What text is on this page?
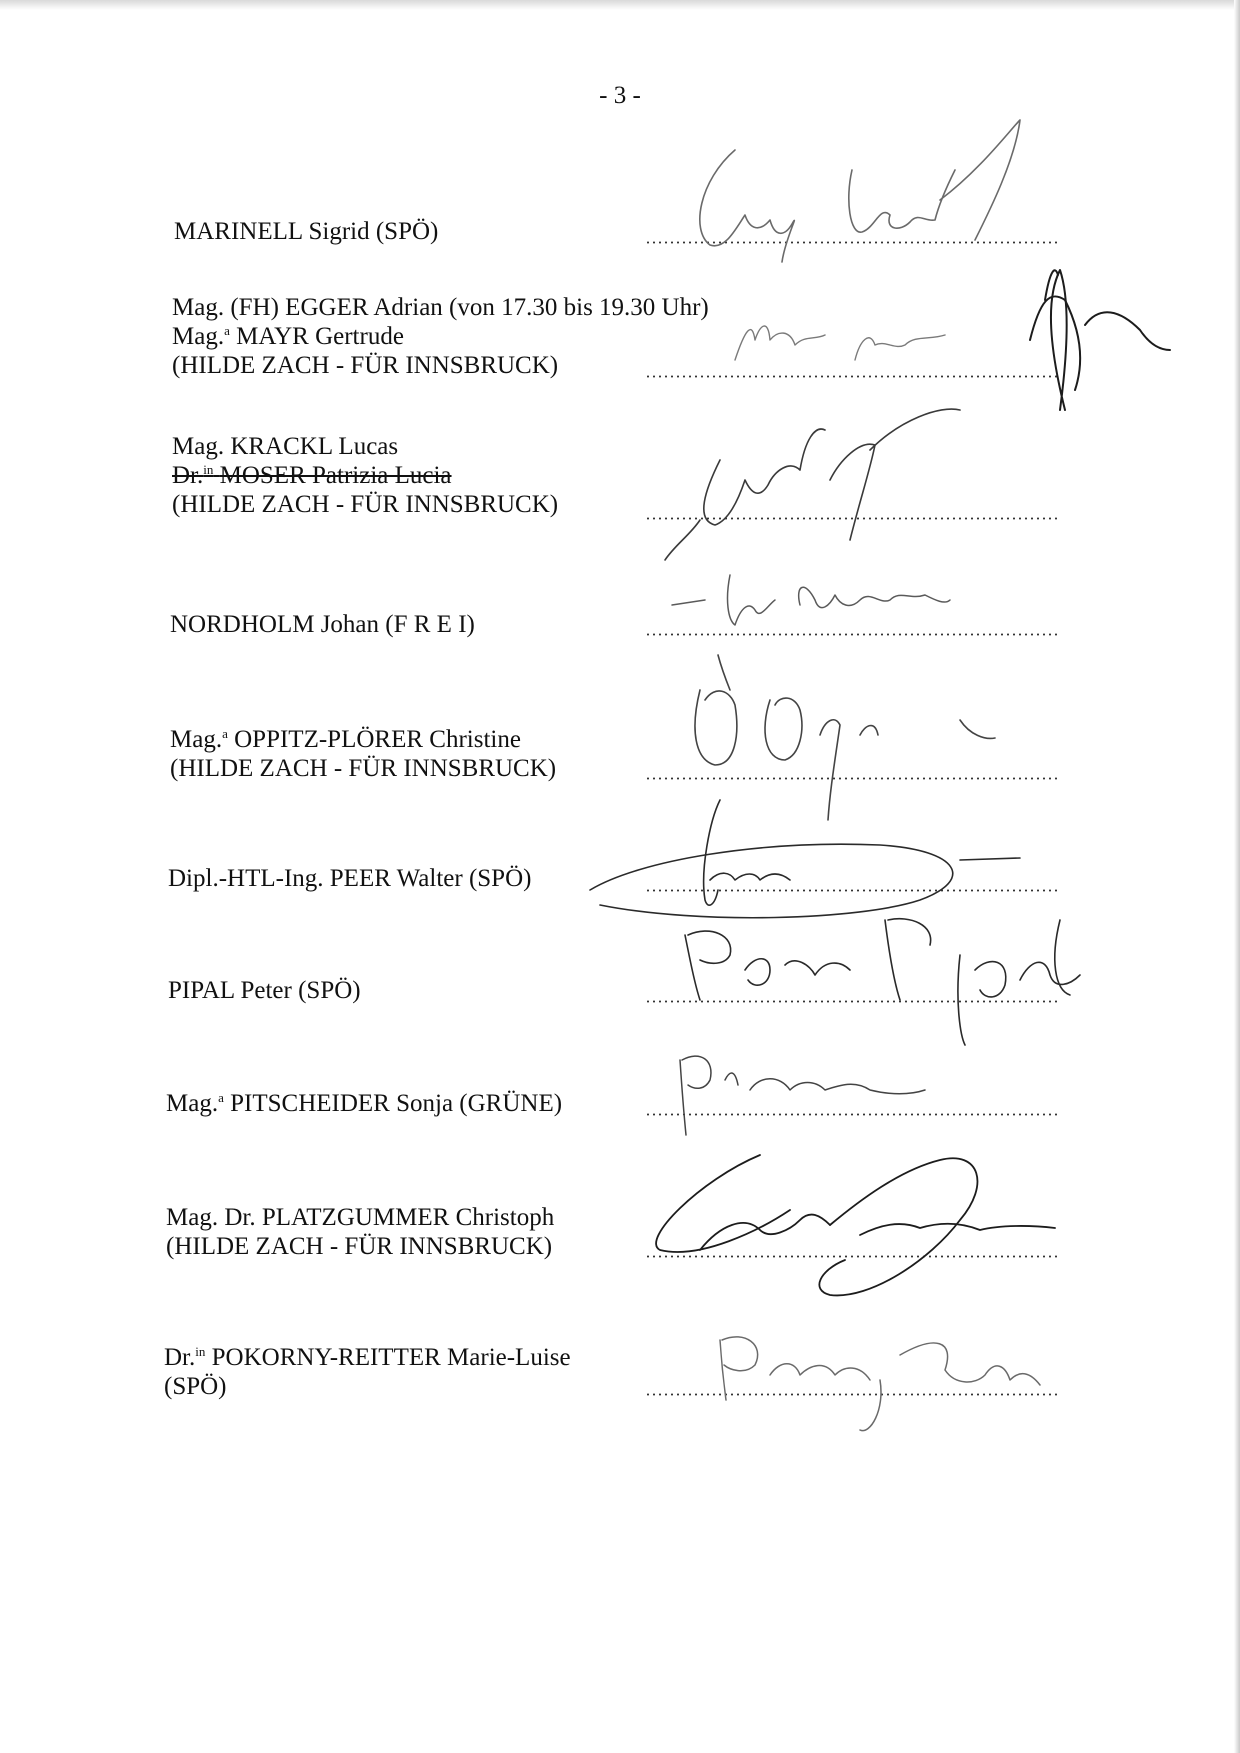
- 3 -
MARINELL Sigrid (SPÖ)
Mag. (FH) EGGER Adrian (von 17.30 bis 19.30 Uhr)
Mag.$^a$ MAYR Gertrude
(HILDE ZACH - FÜR INNSBRUCK)
Mag. KRACKL Lucas
Dr.$^{in}$ MOSER Patrizia Lucia
(HILDE ZACH - FÜR INNSBRUCK)
NORDHOLM Johan (F R E I)
Mag.$^a$ OPPITZ-PLÖRER Christine
(HILDE ZACH - FÜR INNSBRUCK)
Dipl.-HTL-Ing. PEER Walter (SPÖ)
PIPAL Peter (SPÖ)
Mag.$^a$ PITSCHEIDER Sonja (GRÜNE)
Mag. Dr. PLATZGUMMER Christoph
(HILDE ZACH - FÜR INNSBRUCK)
Dr.$^{in}$ POKORNY-REITTER Marie-Luise
(SPÖ)
